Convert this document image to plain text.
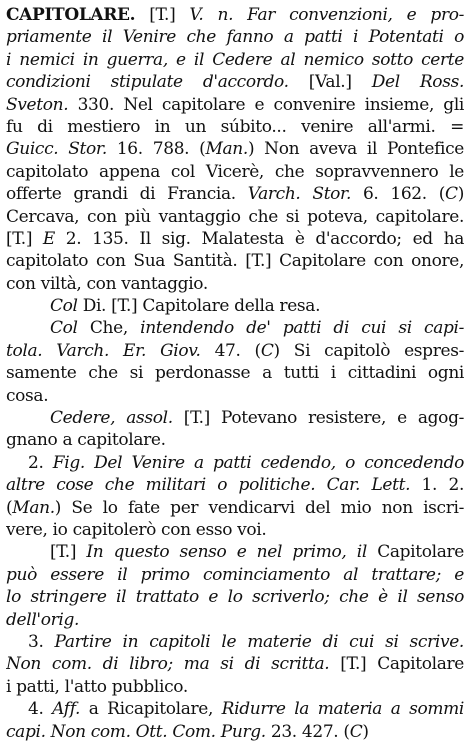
CAPITOLARE. [T.] V. n. Far convenzioni, e pro-
priamente il Venire che fanno a patti i Potentati o
i nemici in guerra, e il Cedere al nemico sotto certe
condizioni stipulate d'accordo. [Val.] Del Ross.
Sveton. 330. Nel capitolare e convenire insieme, gli
fu di mestiero in un súbito... venire all'armi. =
Guicc. Stor. 16. 788. (Man.) Non aveva il Pontefice
capitolato appena col Vicerè, che sopravvennero le
offerte grandi di Francia. Varch. Stor. 6. 162. (C)
Cercava, con più vantaggio che si poteva, capitolare.
[T.] E 2. 135. Il sig. Malatesta è d'accordo; ed ha
capitolato con Sua Santità. [T.] Capitolare con onore,
con viltà, con vantaggio.
Col Di. [T.] Capitolare della resa.
Col Che, intendendo de' patti di cui si capi-
tola. Varch. Er. Giov. 47. (C) Si capitolò espres-
samente che si perdonasse a tutti i cittadini ogni
cosa.
Cedere, assol. [T.] Potevano resistere, e agog-
gnano a capitolare.
2. Fig. Del Venire a patti cedendo, o concedendo
altre cose che militari o politiche. Car. Lett. 1. 2.
(Man.) Se lo fate per vendicarvi del mio non iscri-
vere, io capitolerò con esso voi.
[T.] In questo senso e nel primo, il Capitolare
può essere il primo cominciamento al trattare; e
lo stringere il trattato e lo scriverlo; che è il senso
dell'orig.
3. Partire in capitoli le materie di cui si scrive.
Non com. di libro; ma si di scritta. [T.] Capitolare
i patti, l'atto pubblico.
4. Aff. a Ricapitolare, Ridurre la materia a sommi
capi. Non com. Ott. Com. Purg. 23. 427. (C)
